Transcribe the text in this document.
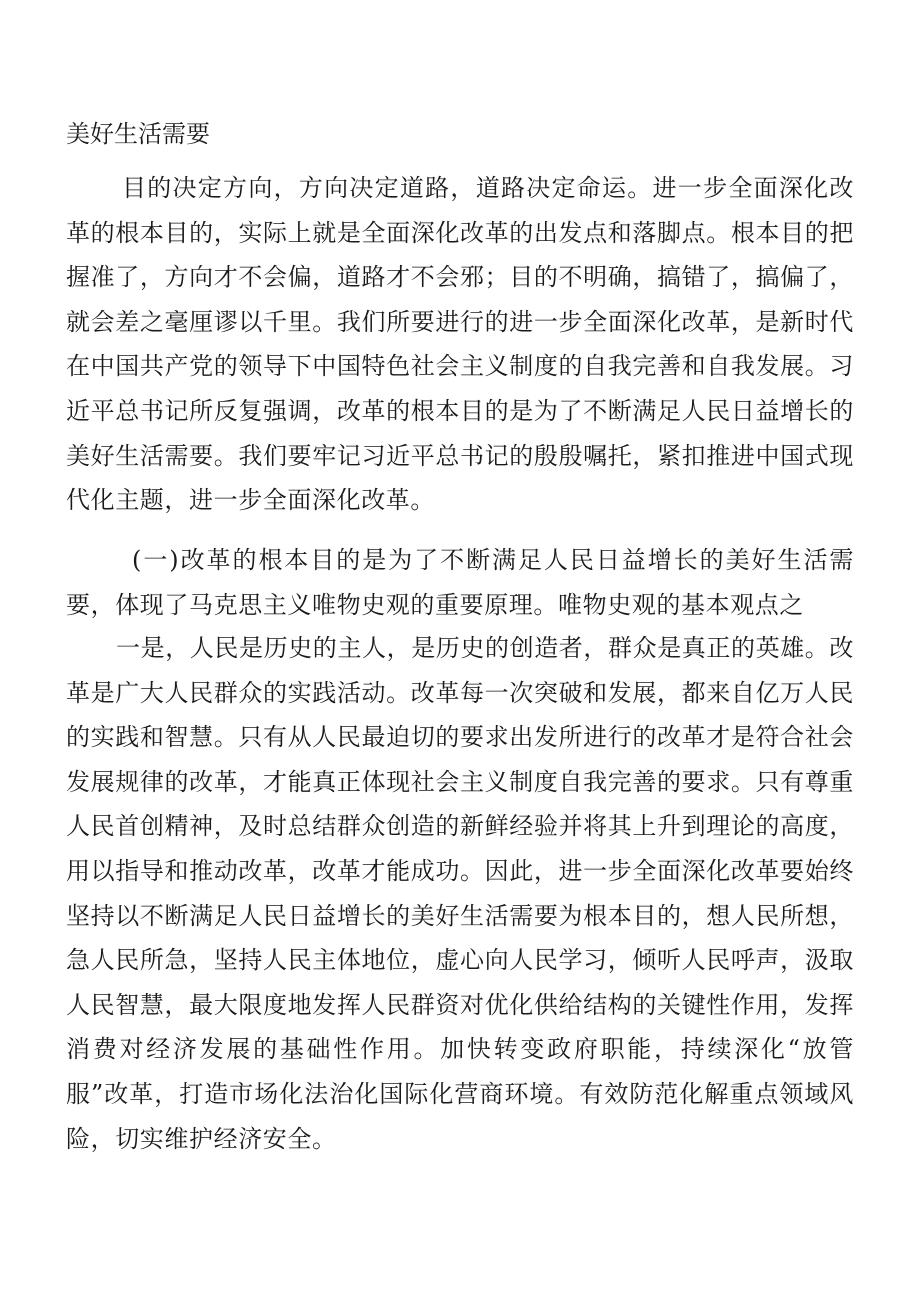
美好生活需要

目的决定方向，方向决定道路，道路决定命运。进一步全面深化改革的根本目的，实际上就是全面深化改革的出发点和落脚点。根本目的把握准了，方向才不会偏，道路才不会邪；目的不明确，搞错了，搞偏了，就会差之毫厘谬以千里。我们所要进行的进一步全面深化改革，是新时代在中国共产党的领导下中国特色社会主义制度的自我完善和自我发展。习近平总书记所反复强调，改革的根本目的是为了不断满足人民日益增长的美好生活需要。我们要牢记习近平总书记的殷殷嘱托，紧扣推进中国式现代化主题，进一步全面深化改革。

(一)改革的根本目的是为了不断满足人民日益增长的美好生活需要，体现了马克思主义唯物史观的重要原理。唯物史观的基本观点之

一是，人民是历史的主人，是历史的创造者，群众是真正的英雄。改革是广大人民群众的实践活动。改革每一次突破和发展，都来自亿万人民的实践和智慧。只有从人民最迫切的要求出发所进行的改革才是符合社会发展规律的改革，才能真正体现社会主义制度自我完善的要求。只有尊重人民首创精神，及时总结群众创造的新鲜经验并将其上升到理论的高度，用以指导和推动改革，改革才能成功。因此，进一步全面深化改革要始终坚持以不断满足人民日益增长的美好生活需要为根本目的，想人民所想，急人民所急，坚持人民主体地位，虚心向人民学习，倾听人民呼声，汲取人民智慧，最大限度地发挥人民群资对优化供给结构的关键性作用，发挥消费对经济发展的基础性作用。加快转变政府职能，持续深化“放管服”改革，打造市场化法治化国际化营商环境。有效防范化解重点领域风险，切实维护经济安全。
